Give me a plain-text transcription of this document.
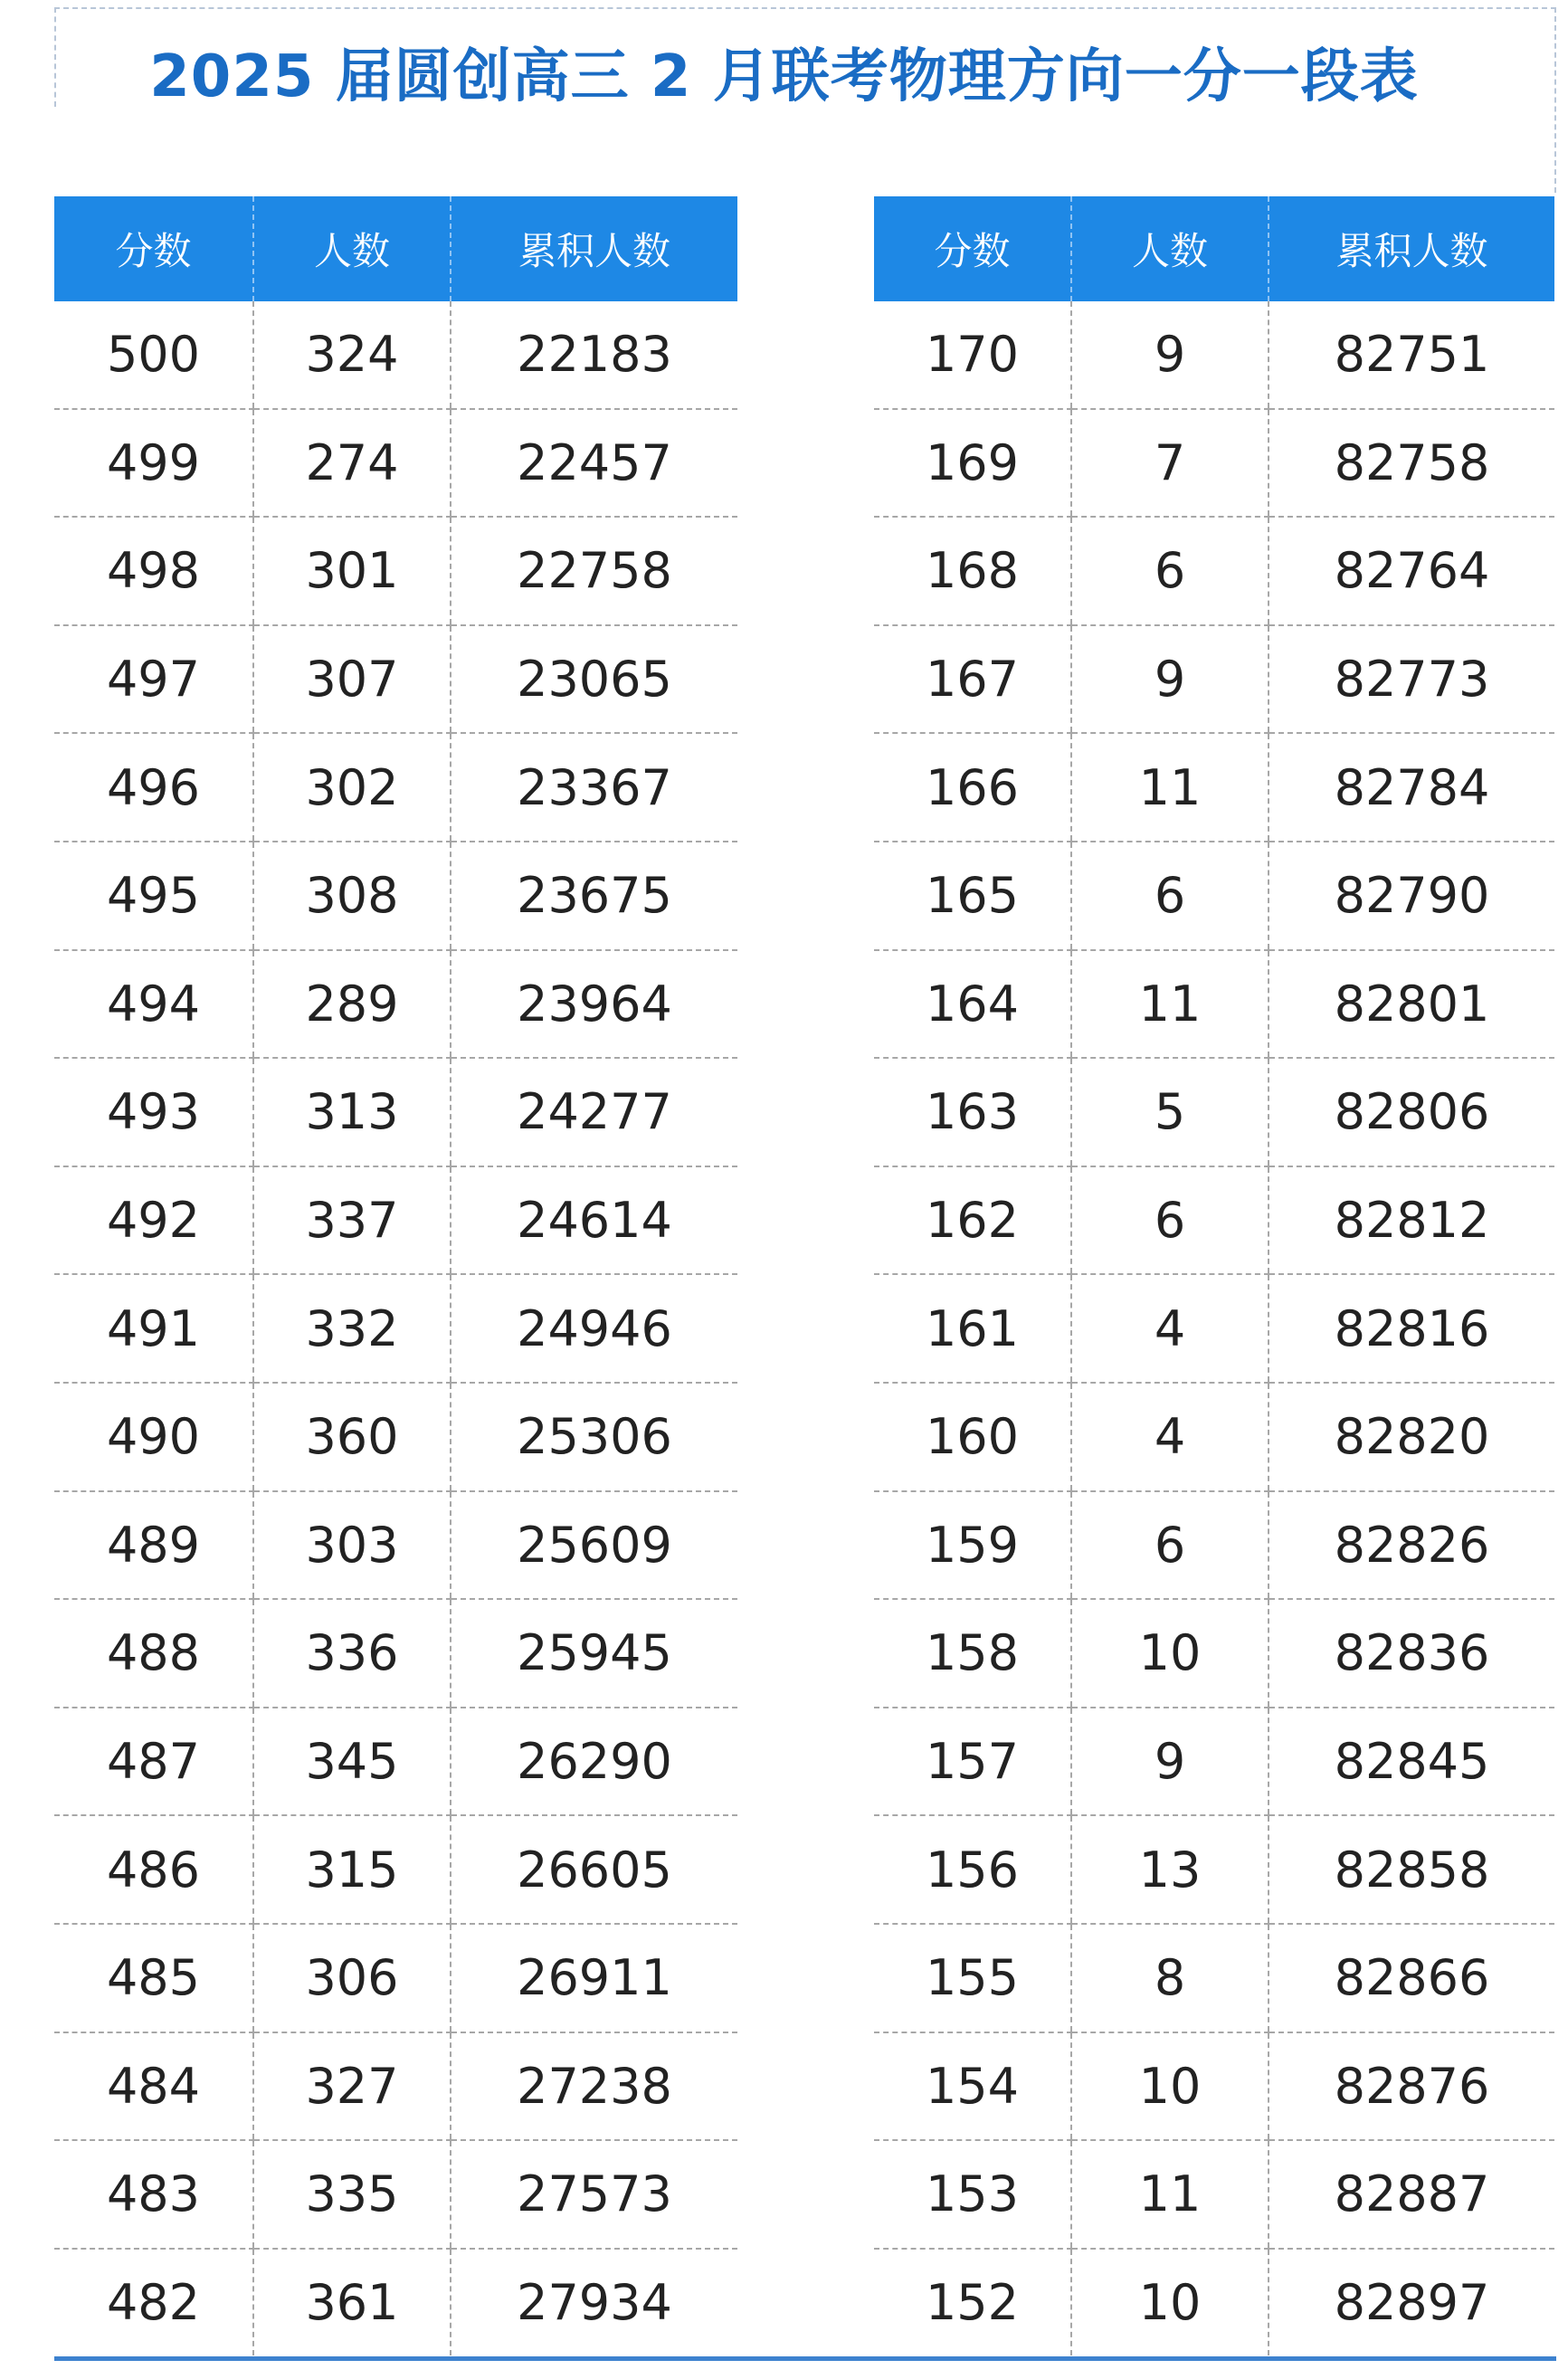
2025 届圆创高三 2 月联考物理方向一分一段表
分数	人数	累积人数
500	324	22183
499	274	22457
498	301	22758
497	307	23065
496	302	23367
495	308	23675
494	289	23964
493	313	24277
492	337	24614
491	332	24946
490	360	25306
489	303	25609
488	336	25945
487	345	26290
486	315	26605
485	306	26911
484	327	27238
483	335	27573
482	361	27934
分数	人数	累积人数
170	9	82751
169	7	82758
168	6	82764
167	9	82773
166	11	82784
165	6	82790
164	11	82801
163	5	82806
162	6	82812
161	4	82816
160	4	82820
159	6	82826
158	10	82836
157	9	82845
156	13	82858
155	8	82866
154	10	82876
153	11	82887
152	10	82897
